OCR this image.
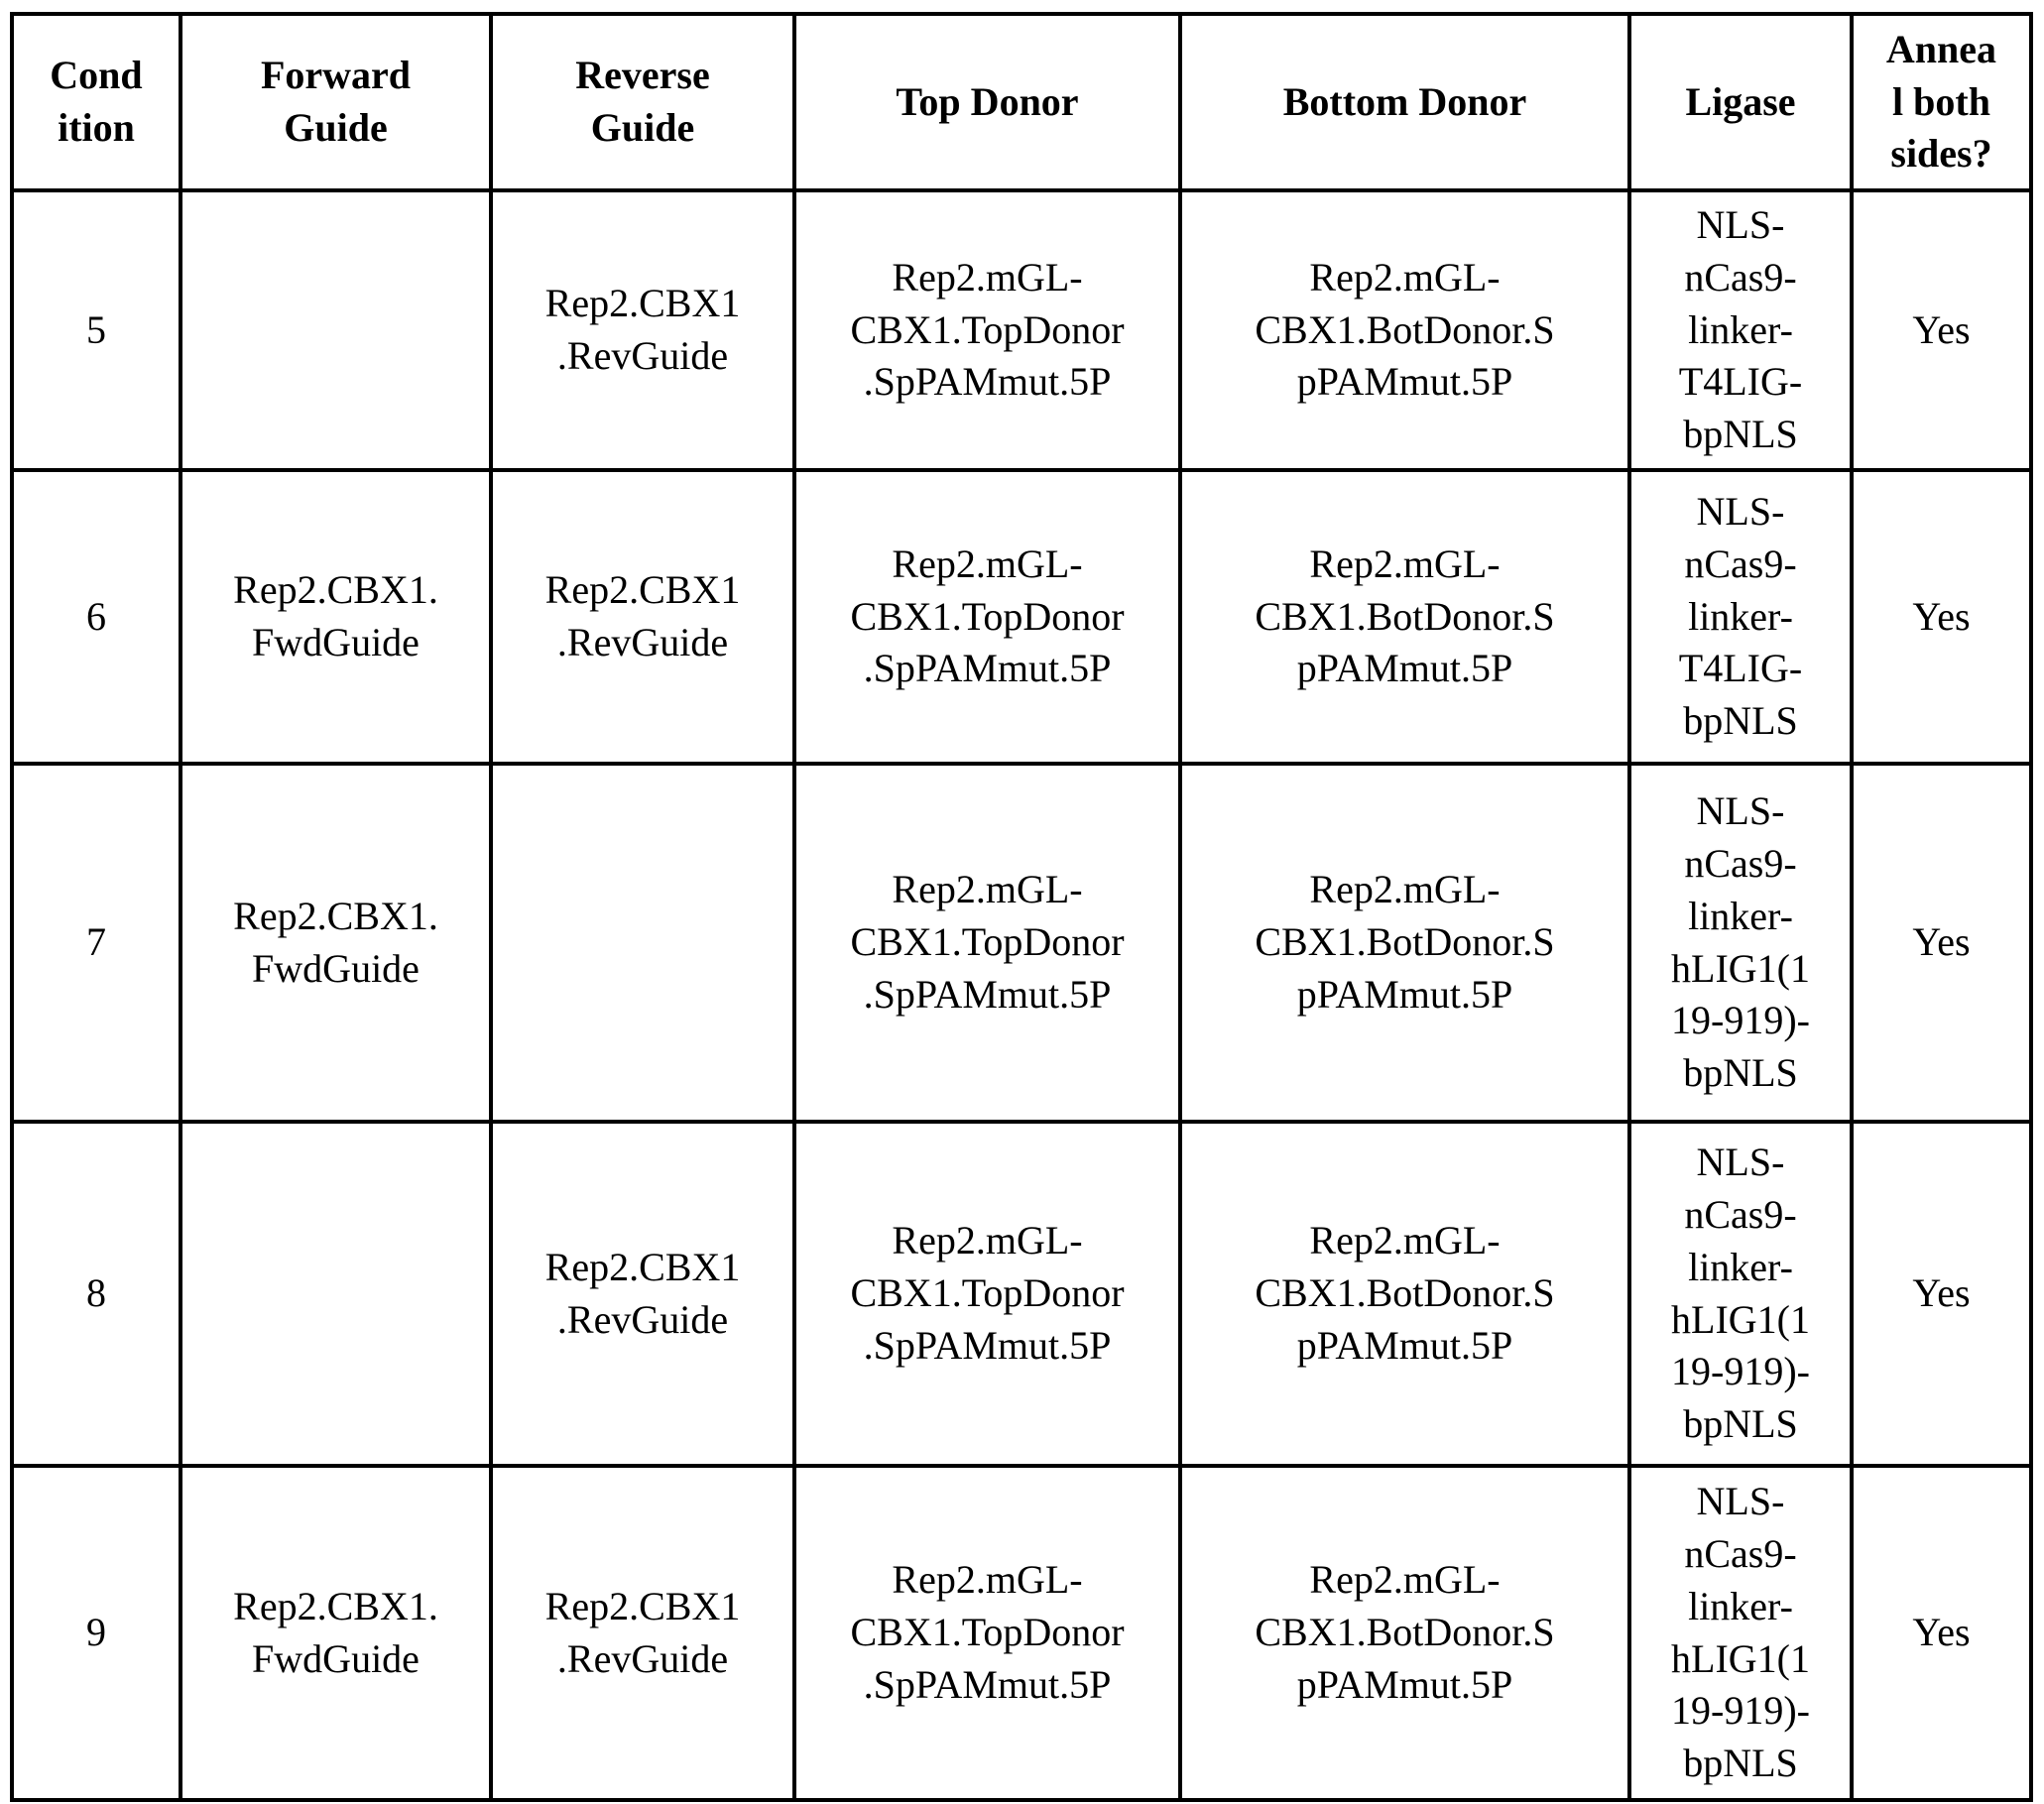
Cond
ition	Forward
Guide	Reverse
Guide	Top Donor	Bottom Donor	Ligase	Annea
l both
sides?
5		Rep2.CBX1
.RevGuide	Rep2.mGL-
CBX1.TopDonor
.SpPAMmut.5P	Rep2.mGL-
CBX1.BotDonor.S
pPAMmut.5P	NLS-
nCas9-
linker-
T4LIG-
bpNLS	Yes
6	Rep2.CBX1.
FwdGuide	Rep2.CBX1
.RevGuide	Rep2.mGL-
CBX1.TopDonor
.SpPAMmut.5P	Rep2.mGL-
CBX1.BotDonor.S
pPAMmut.5P	NLS-
nCas9-
linker-
T4LIG-
bpNLS	Yes
7	Rep2.CBX1.
FwdGuide		Rep2.mGL-
CBX1.TopDonor
.SpPAMmut.5P	Rep2.mGL-
CBX1.BotDonor.S
pPAMmut.5P	NLS-
nCas9-
linker-
hLIG1(1
19-919)-
bpNLS	Yes
8		Rep2.CBX1
.RevGuide	Rep2.mGL-
CBX1.TopDonor
.SpPAMmut.5P	Rep2.mGL-
CBX1.BotDonor.S
pPAMmut.5P	NLS-
nCas9-
linker-
hLIG1(1
19-919)-
bpNLS	Yes
9	Rep2.CBX1.
FwdGuide	Rep2.CBX1
.RevGuide	Rep2.mGL-
CBX1.TopDonor
.SpPAMmut.5P	Rep2.mGL-
CBX1.BotDonor.S
pPAMmut.5P	NLS-
nCas9-
linker-
hLIG1(1
19-919)-
bpNLS	Yes
